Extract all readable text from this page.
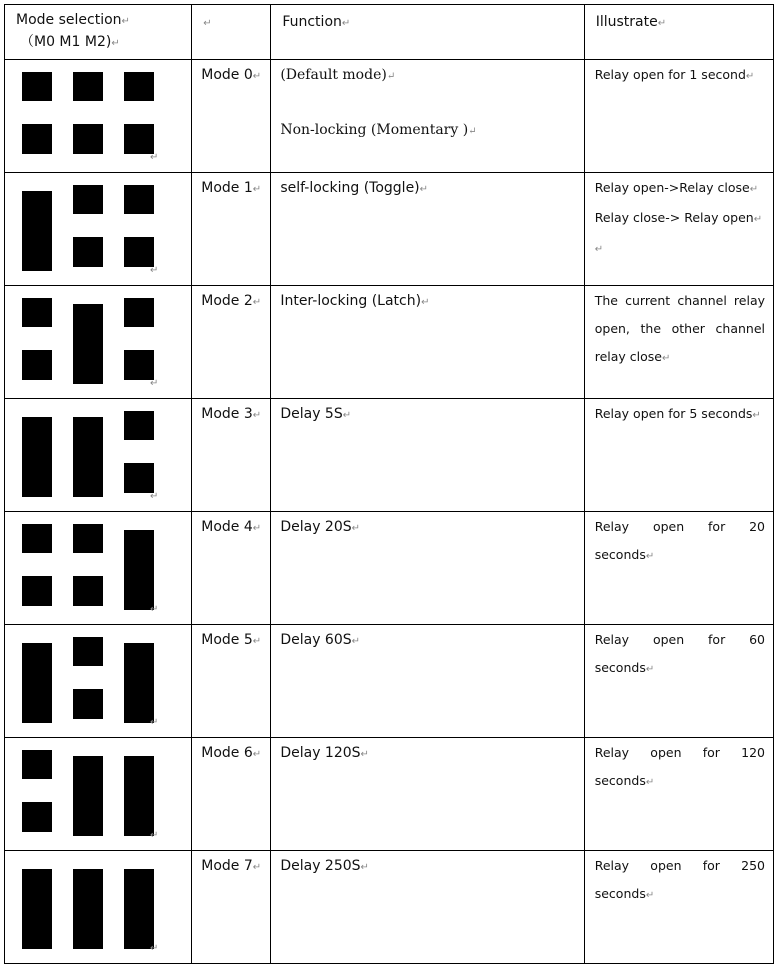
Mode selection↵
（M0 M1 M2)↵	↵	Function↵	Illustrate↵

↵	Mode 0↵	(Default mode)↵
Non-locking (Momentary )↵	Relay open for 1 second↵

↵	Mode 1↵	self-locking (Toggle)↵	Relay open->Relay close↵
Relay close-> Relay open↵
↵

↵	Mode 2↵	Inter-locking (Latch)↵	The current channel relay open, the other channel relay close↵

↵	Mode 3↵	Delay 5S↵	Relay open for 5 seconds↵

↵	Mode 4↵	Delay 20S↵	Relay open for 20 seconds↵

↵	Mode 5↵	Delay 60S↵	Relay open for 60 seconds↵

↵	Mode 6↵	Delay 120S↵	Relay open for 120 seconds↵

↵	Mode 7↵	Delay 250S↵	Relay open for 250 seconds↵
